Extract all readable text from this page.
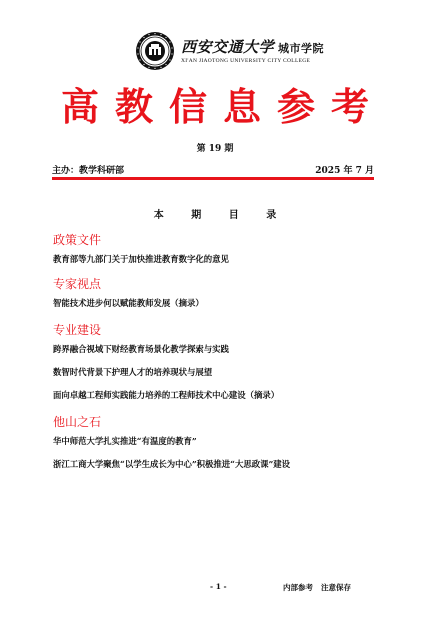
西安交通大学 城市学院
XI'AN JIAOTONG UNIVERSITY CITY COLLEGE
高教信息参考
第 19 期
主办：教学科研部	2025 年 7 月
本 期 目 录
政策文件
教育部等九部门关于加快推进教育数字化的意见
专家视点
智能技术进步何以赋能教师发展（摘录）
专业建设
跨界融合视域下财经教育场景化教学探索与实践
数智时代背景下护理人才的培养现状与展望
面向卓越工程师实践能力培养的工程师技术中心建设（摘录）
他山之石
华中师范大学扎实推进“有温度的教育”
浙江工商大学聚焦“以学生成长为中心”积极推进“大思政课”建设
- 1 -	内部参考 注意保存
